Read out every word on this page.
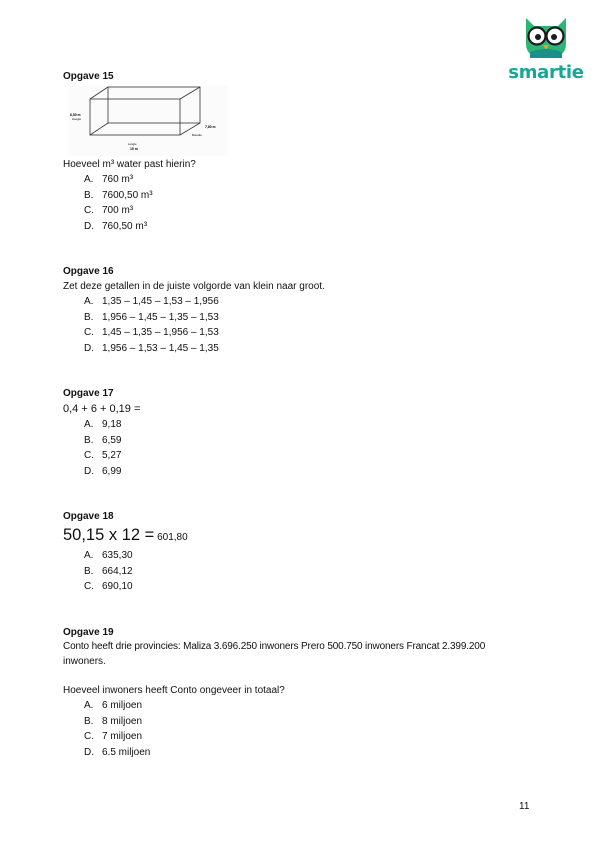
smartie
Opgave 15
6,50 m
Hoogte
7,80 m
Breedte
Lengte
15 m
Hoeveel m³ water past hierin?
A. 760 m³
B. 7600,50 m³
C. 700 m³
D. 760,50 m³
Opgave 16
Zet deze getallen in de juiste volgorde van klein naar groot.
A. 1,35 – 1,45 – 1,53 – 1,956
B. 1,956 – 1,45 – 1,35 – 1,53
C. 1,45 – 1,35 – 1,956 – 1,53
D. 1,956 – 1,53 – 1,45 – 1,35
Opgave 17
0,4 + 6 + 0,19 =
A. 9,18
B. 6,59
C. 5,27
D. 6,99
Opgave 18
50,15 x 12 = 601,80
A. 635,30
B. 664,12
C. 690,10
Opgave 19
Conto heeft drie provincies: Maliza 3.696.250 inwoners Prero 500.750 inwoners Francat 2.399.200
inwoners.
Hoeveel inwoners heeft Conto ongeveer in totaal?
A. 6 miljoen
B. 8 miljoen
C. 7 miljoen
D. 6.5 miljoen
11
